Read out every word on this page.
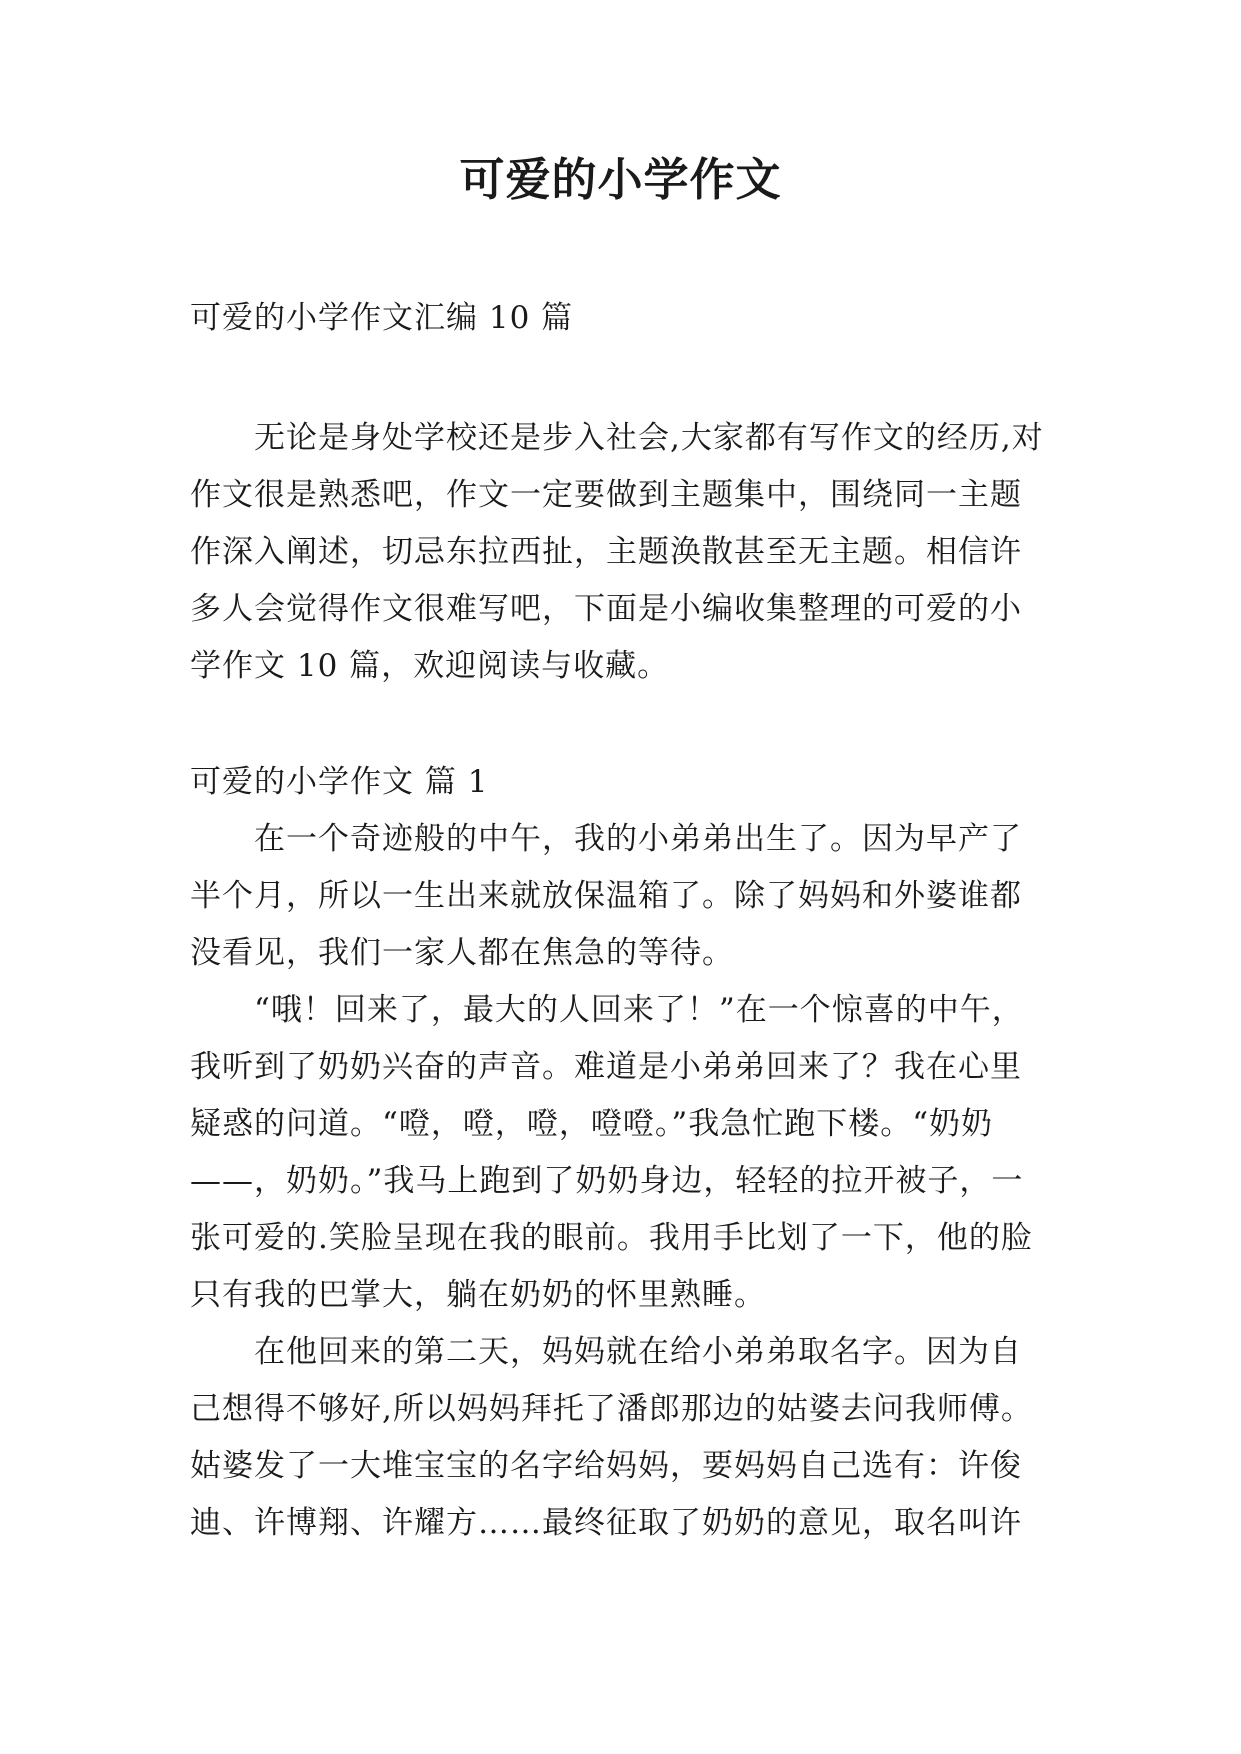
可爱的小学作文

可爱的小学作文汇编 10 篇

无论是身处学校还是步入社会,大家都有写作文的经历,对作文很是熟悉吧，作文一定要做到主题集中，围绕同一主题作深入阐述，切忌东拉西扯，主题涣散甚至无主题。相信许多人会觉得作文很难写吧，下面是小编收集整理的可爱的小学作文 10 篇，欢迎阅读与收藏。

可爱的小学作文 篇 1

在一个奇迹般的中午，我的小弟弟出生了。因为早产了半个月，所以一生出来就放保温箱了。除了妈妈和外婆谁都没看见，我们一家人都在焦急的等待。

“哦！回来了，最大的人回来了！”在一个惊喜的中午，我听到了奶奶兴奋的声音。难道是小弟弟回来了？我在心里疑惑的问道。“噔，噔，噔，噔噔。”我急忙跑下楼。“奶奶——，奶奶。”我马上跑到了奶奶身边，轻轻的拉开被子，一张可爱的.笑脸呈现在我的眼前。我用手比划了一下，他的脸只有我的巴掌大，躺在奶奶的怀里熟睡。

在他回来的第二天，妈妈就在给小弟弟取名字。因为自己想得不够好,所以妈妈拜托了潘郎那边的姑婆去问我师傅。姑婆发了一大堆宝宝的名字给妈妈，要妈妈自己选有：许俊迪、许博翔、许耀方……最终征取了奶奶的意见，取名叫许
